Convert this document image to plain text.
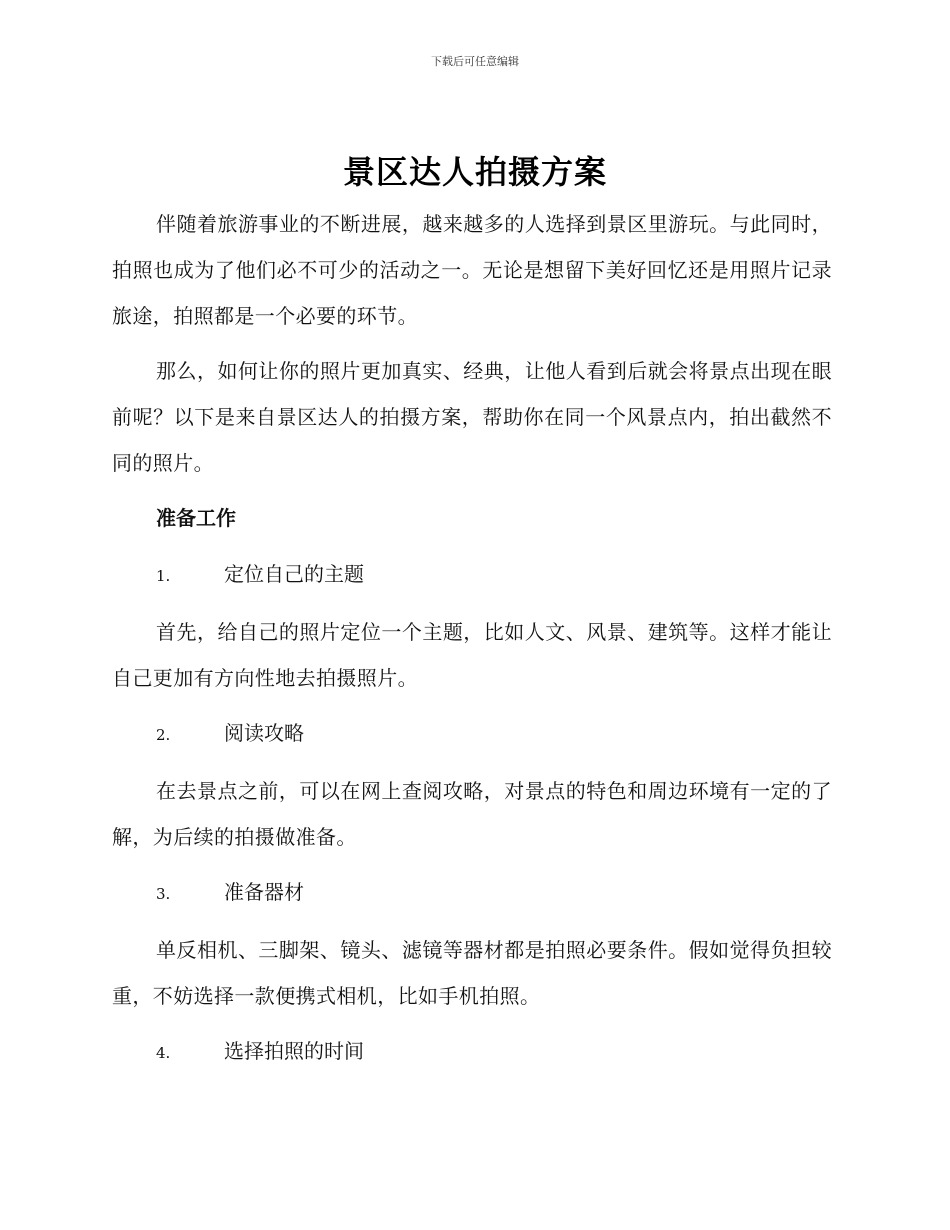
下载后可任意编辑
景区达人拍摄方案

伴随着旅游事业的不断进展，越来越多的人选择到景区里游玩。与此同时，拍照也成为了他们必不可少的活动之一。无论是想留下美好回忆还是用照片记录旅途，拍照都是一个必要的环节。

那么，如何让你的照片更加真实、经典，让他人看到后就会将景点出现在眼前呢？以下是来自景区达人的拍摄方案，帮助你在同一个风景点内，拍出截然不同的照片。

准备工作
1.	定位自己的主题

首先，给自己的照片定位一个主题，比如人文、风景、建筑等。这样才能让自己更加有方向性地去拍摄照片。

2.	阅读攻略

在去景点之前，可以在网上查阅攻略，对景点的特色和周边环境有一定的了解，为后续的拍摄做准备。

3.	准备器材

单反相机、三脚架、镜头、滤镜等器材都是拍照必要条件。假如觉得负担较重，不妨选择一款便携式相机，比如手机拍照。

4.	选择拍照的时间
